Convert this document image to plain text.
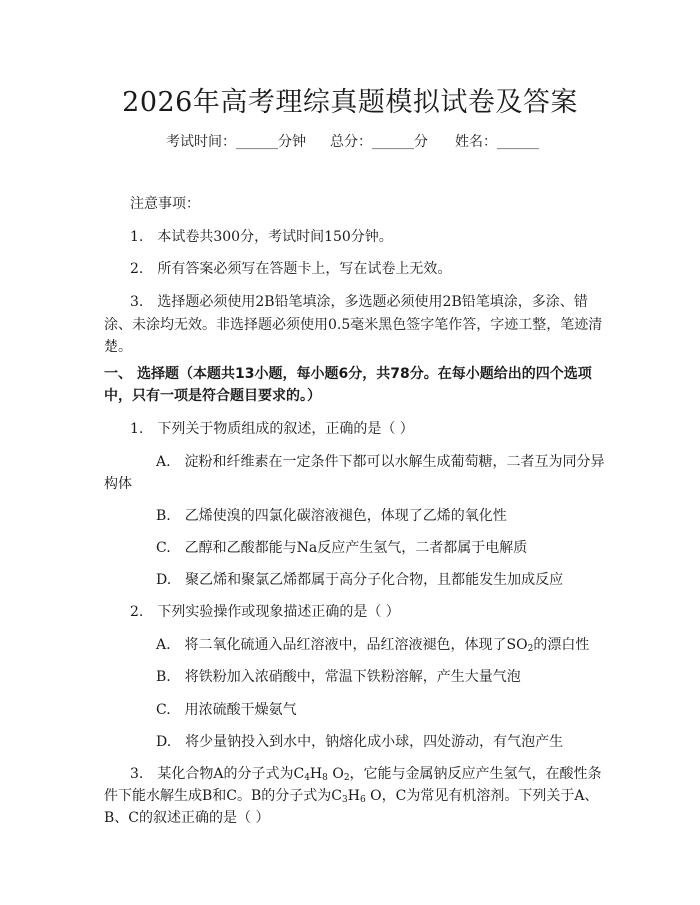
2026年高考理综真题模拟试卷及答案
考试时间：______分钟 总分：______分 姓名：______
注意事项：
1.　本试卷共300分，考试时间150分钟。
2.　所有答案必须写在答题卡上，写在试卷上无效。
3.　选择题必须使用2B铅笔填涂，多选题必须使用2B铅笔填涂，多涂、错
涂、未涂均无效。非选择题必须使用0.5毫米黑色签字笔作答，字迹工整，笔迹清
楚。
一、 选择题（本题共13小题，每小题6分，共78分。在每小题给出的四个选项
中，只有一项是符合题目要求的。）
1.　下列关于物质组成的叙述，正确的是（ ）
A.　淀粉和纤维素在一定条件下都可以水解生成葡萄糖，二者互为同分异
构体
B.　乙烯使溴的四氯化碳溶液褪色，体现了乙烯的氧化性
C.　乙醇和乙酸都能与Na反应产生氢气，二者都属于电解质
D.　聚乙烯和聚氯乙烯都属于高分子化合物，且都能发生加成反应
2.　下列实验操作或现象描述正确的是（ ）
A.　将二氧化硫通入品红溶液中，品红溶液褪色，体现了$SO_2$的漂白性
B.　将铁粉加入浓硝酸中，常温下铁粉溶解，产生大量气泡
C.　用浓硫酸干燥氨气
D.　将少量钠投入到水中，钠熔化成小球，四处游动，有气泡产生
3.　某化合物A的分子式为$C_4H_8$ $O_2$，它能与金属钠反应产生氢气，在酸性条
件下能水解生成B和C。B的分子式为$C_3H_6$ O，C为常见有机溶剂。下列关于A、
B、C的叙述正确的是（ ）
